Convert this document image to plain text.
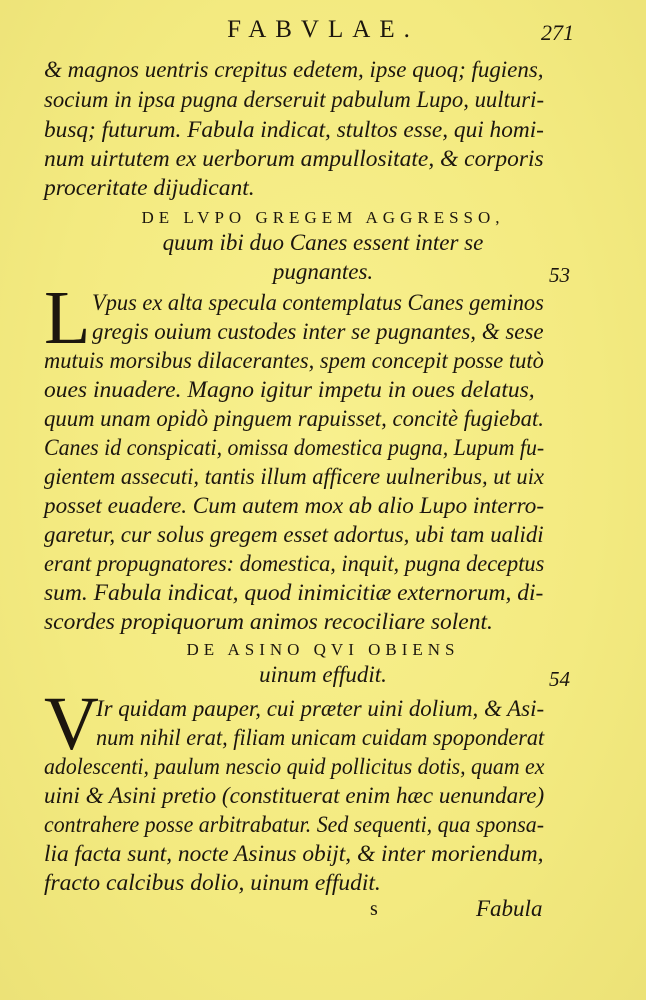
FABVLAE.	271
& magnos uentris crepitus edetem, ipse quoq; fugiens,
socium in ipsa pugna derseruit pabulum Lupo, uulturi-
busq; futurum. Fabula indicat, stultos esse, qui homi-
num uirtutem ex uerborum ampullositate, & corporis
proceritate dijudicant.
DE LVPO GREGEM AGGRESSO,
quum ibi duo Canes essent inter se
pugnantes.	53
L Vpus ex alta specula contemplatus Canes geminos
gregis ouium custodes inter se pugnantes, & sese
mutuis morsibus dilacerantes, spem concepit posse tutò
oues inuadere. Magno igitur impetu in oues delatus,
quum unam opidò pinguem rapuisset, concitè fugiebat.
Canes id conspicati, omissa domestica pugna, Lupum fu-
gientem assecuti, tantis illum afficere uulneribus, ut uix
posset euadere. Cum autem mox ab alio Lupo interro-
garetur, cur solus gregem esset adortus, ubi tam ualidi
erant propugnatores: domestica, inquit, pugna deceptus
sum. Fabula indicat, quod inimicitiæ externorum, di-
scordes propiquorum animos recociliare solent.
DE ASINO QVI OBIENS
uinum effudit.	54
V
Ir quidam pauper, cui præter uini dolium, & Asi-
num nihil erat, filiam unicam cuidam spoponderat
adolescenti, paulum nescio quid pollicitus dotis, quam ex
uini & Asini pretio (constituerat enim hæc uenundare)
contrahere posse arbitrabatur. Sed sequenti, qua sponsa-
lia facta sunt, nocte Asinus obijt, & inter moriendum,
fracto calcibus dolio, uinum effudit.
s	Fabula
